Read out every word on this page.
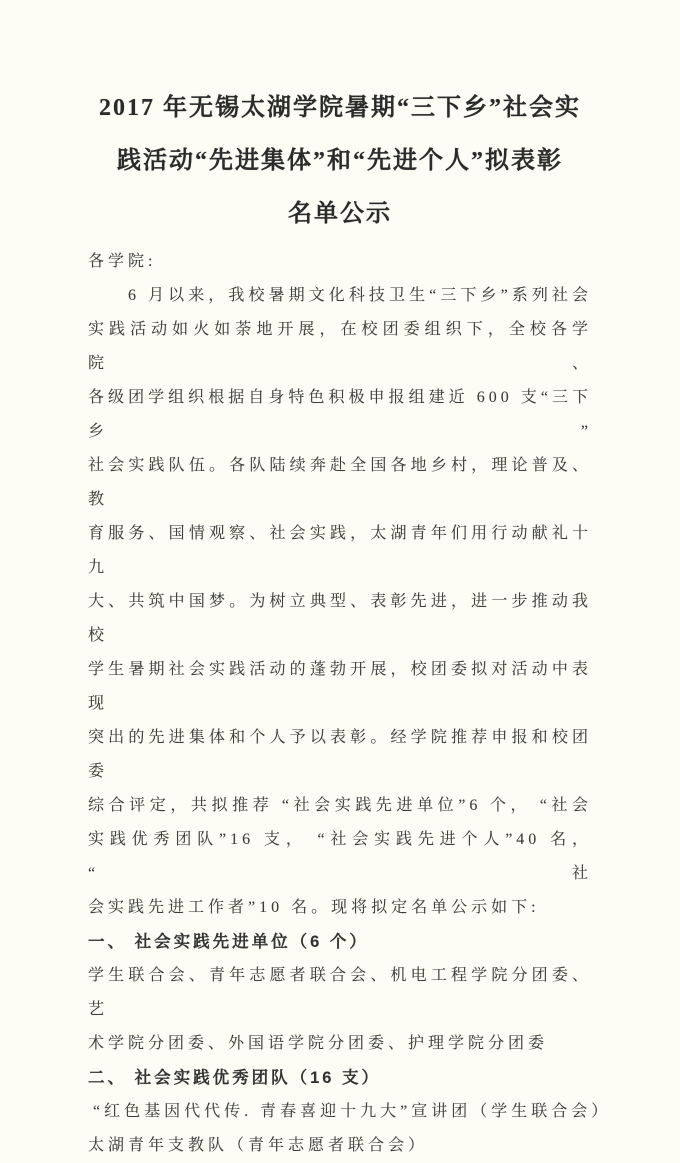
2017 年无锡太湖学院暑期“三下乡”社会实
践活动“先进集体”和“先进个人”拟表彰
名单公示
各学院:
6 月以来，我校暑期文化科技卫生“三下乡”系列社会
实践活动如火如荼地开展，在校团委组织下，全校各学院、
各级团学组织根据自身特色积极申报组建近 600 支“三下乡”
社会实践队伍。各队陆续奔赴全国各地乡村，理论普及、教
育服务、国情观察、社会实践，太湖青年们用行动献礼十九
大、共筑中国梦。为树立典型、表彰先进，进一步推动我校
学生暑期社会实践活动的蓬勃开展，校团委拟对活动中表现
突出的先进集体和个人予以表彰。经学院推荐申报和校团委
综合评定，共拟推荐 “社会实践先进单位”6 个， “社会
实践优秀团队”16 支， “社会实践先进个人”40 名， “社
会实践先进工作者”10 名。现将拟定名单公示如下:
一、 社会实践先进单位（6 个）
学生联合会、青年志愿者联合会、机电工程学院分团委、艺
术学院分团委、外国语学院分团委、护理学院分团委
二、 社会实践优秀团队（16 支）
“红色基因代代传. 青春喜迎十九大”宣讲团（学生联合会）
太湖青年支教队（青年志愿者联合会）
